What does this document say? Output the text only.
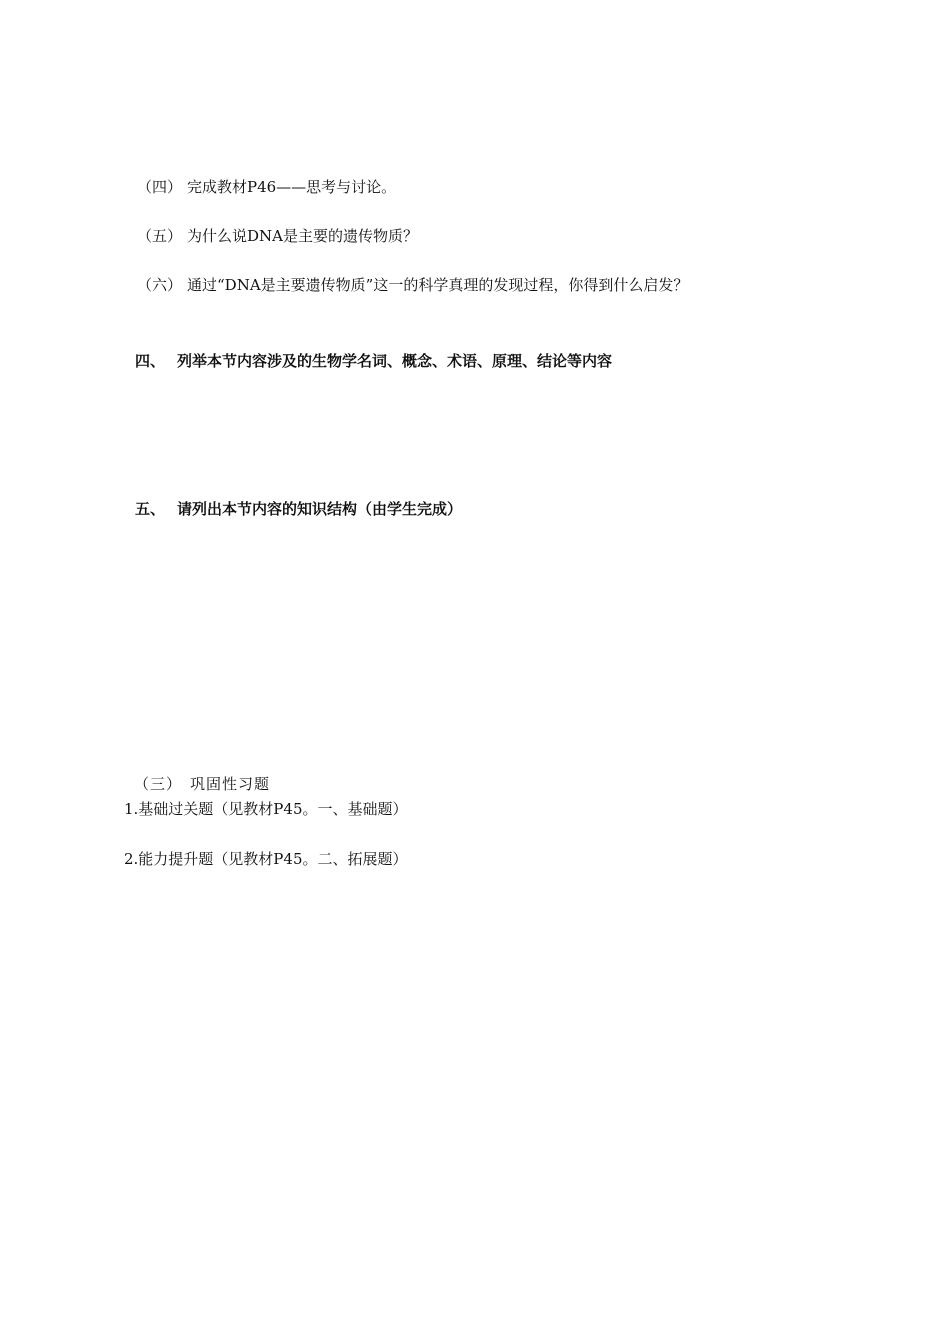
（四） 完成教材P46——思考与讨论。
（五） 为什么说DNA是主要的遗传物质？
（六） 通过“DNA是主要遗传物质”这一的科学真理的发现过程，你得到什么启发？
四、 列举本节内容涉及的生物学名词、概念、术语、原理、结论等内容
五、 请列出本节内容的知识结构（由学生完成）
（三） 巩固性习题
1.基础过关题（见教材P45。一、基础题）
2.能力提升题（见教材P45。二、拓展题）
